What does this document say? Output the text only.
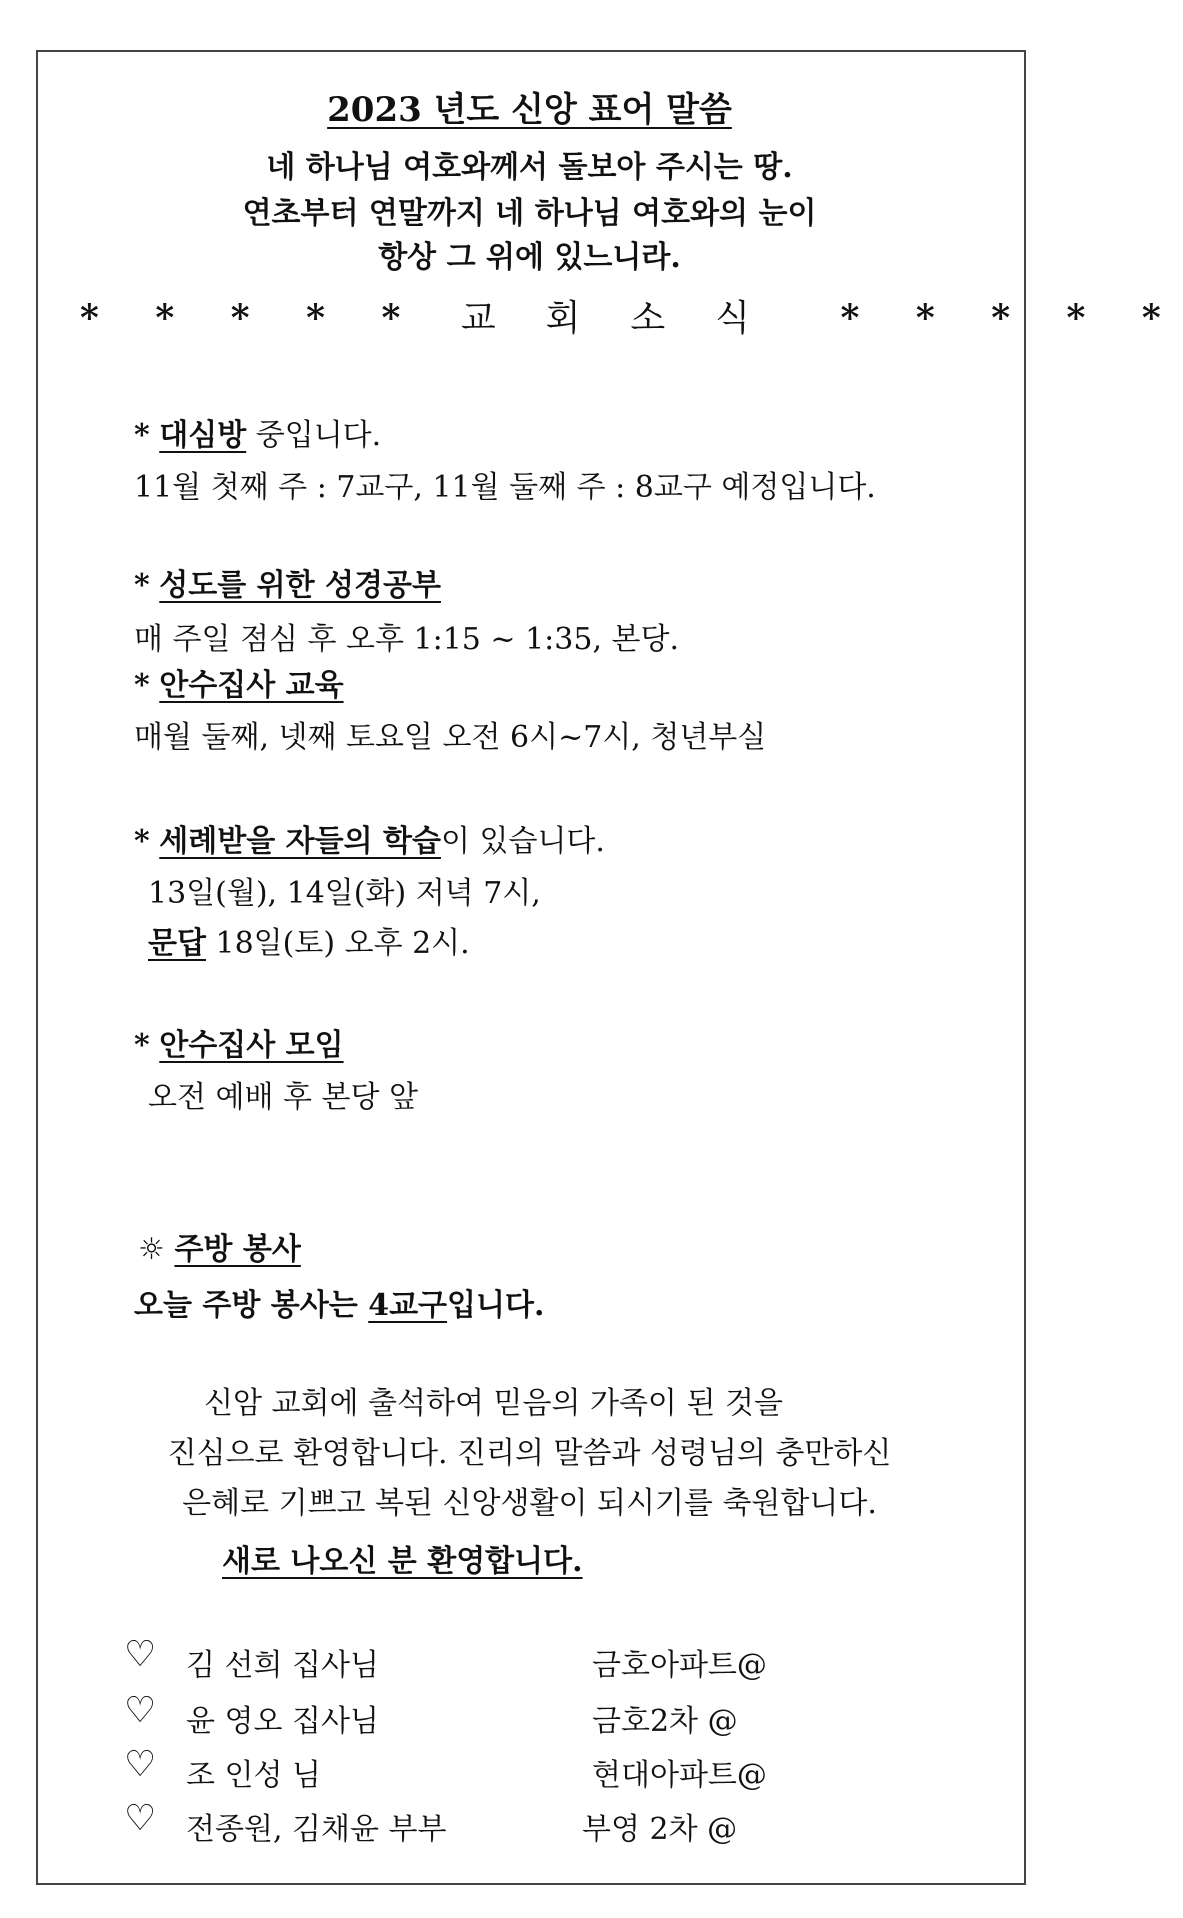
2023 년도 신앙 표어 말씀
네 하나님 여호와께서 돌보아 주시는 땅.
연초부터 연말까지 네 하나님 여호와의 눈이
항상 그 위에 있느니라.
* * * * * 교회소식 * * * * *
* 대심방 중입니다.
11월 첫째 주 : 7교구, 11월 둘째 주 : 8교구 예정입니다.
* 성도를 위한 성경공부
매 주일 점심 후 오후 1:15 ~ 1:35, 본당.
* 안수집사 교육
매월 둘째, 넷째 토요일 오전 6시~7시, 청년부실
* 세례받을 자들의 학습이 있습니다.
13일(월), 14일(화) 저녁 7시,
문답 18일(토) 오후 2시.
* 안수집사 모임
오전 예배 후 본당 앞
☼ 주방 봉사
오늘 주방 봉사는 4교구입니다.
신암 교회에 출석하여 믿음의 가족이 된 것을
진심으로 환영합니다. 진리의 말씀과 성령님의 충만하신
은혜로 기쁘고 복된 신앙생활이 되시기를 축원합니다.
새로 나오신 분 환영합니다.
♡ 김 선희 집사님	금호아파트@
♡ 윤 영오 집사님	금호2차 @
♡ 조 인성 님	현대아파트@
♡ 전종원, 김채윤 부부	부영 2차 @
